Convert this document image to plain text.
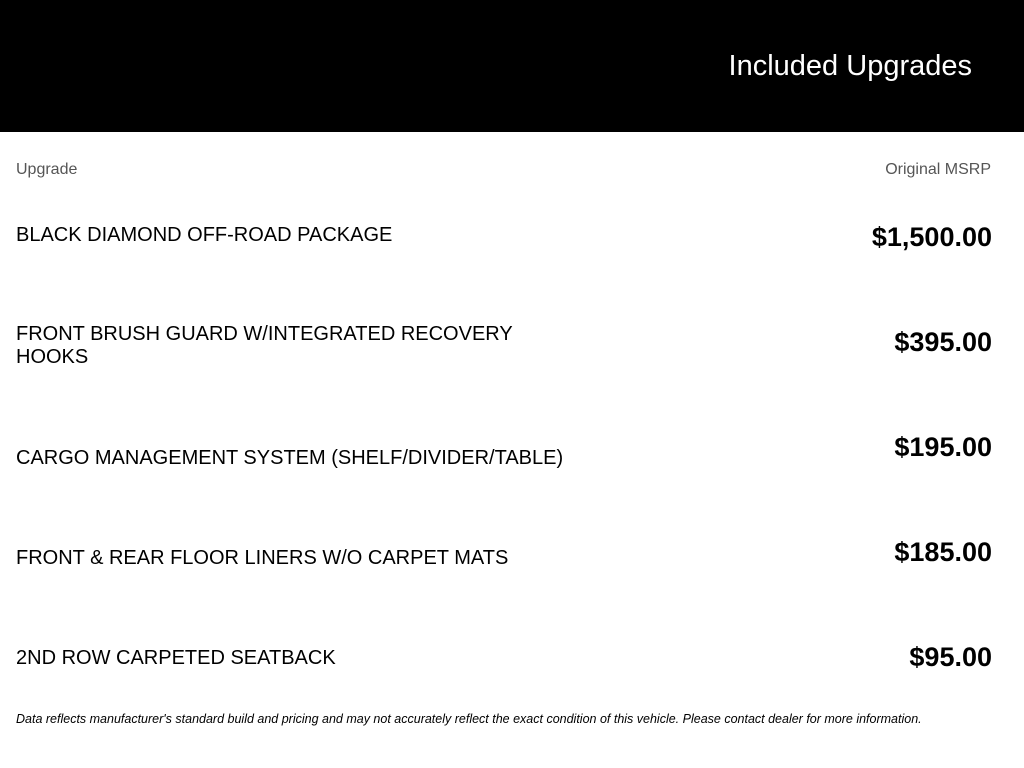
Included Upgrades
Upgrade	Original MSRP
BLACK DIAMOND OFF-ROAD PACKAGE	$1,500.00
FRONT BRUSH GUARD W/INTEGRATED RECOVERY HOOKS	$395.00
CARGO MANAGEMENT SYSTEM (SHELF/DIVIDER/TABLE)	$195.00
FRONT & REAR FLOOR LINERS W/O CARPET MATS	$185.00
2ND ROW CARPETED SEATBACK	$95.00
Data reflects manufacturer's standard build and pricing and may not accurately reflect the exact condition of this vehicle. Please contact dealer for more information.
